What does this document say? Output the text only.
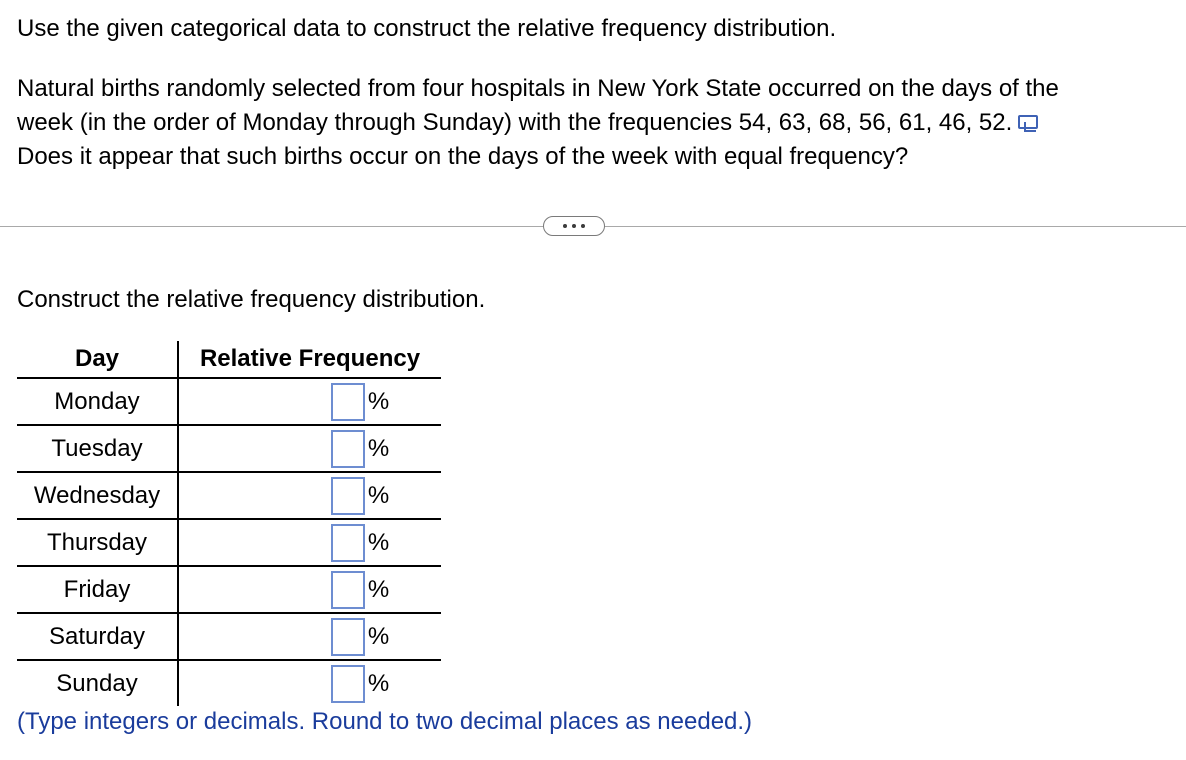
Use the given categorical data to construct the relative frequency distribution.

Natural births randomly selected from four hospitals in New York State occurred on the days of the
week (in the order of Monday through Sunday) with the frequencies 54, 63, 68, 56, 61, 46, 52.
Does it appear that such births occur on the days of the week with equal frequency?

Construct the relative frequency distribution.

Day	Relative Frequency
Monday	%

Tuesday	%

Wednesday	%

Thursday	%

Friday	%

Saturday	%

Sunday	%

(Type integers or decimals. Round to two decimal places as needed.)
